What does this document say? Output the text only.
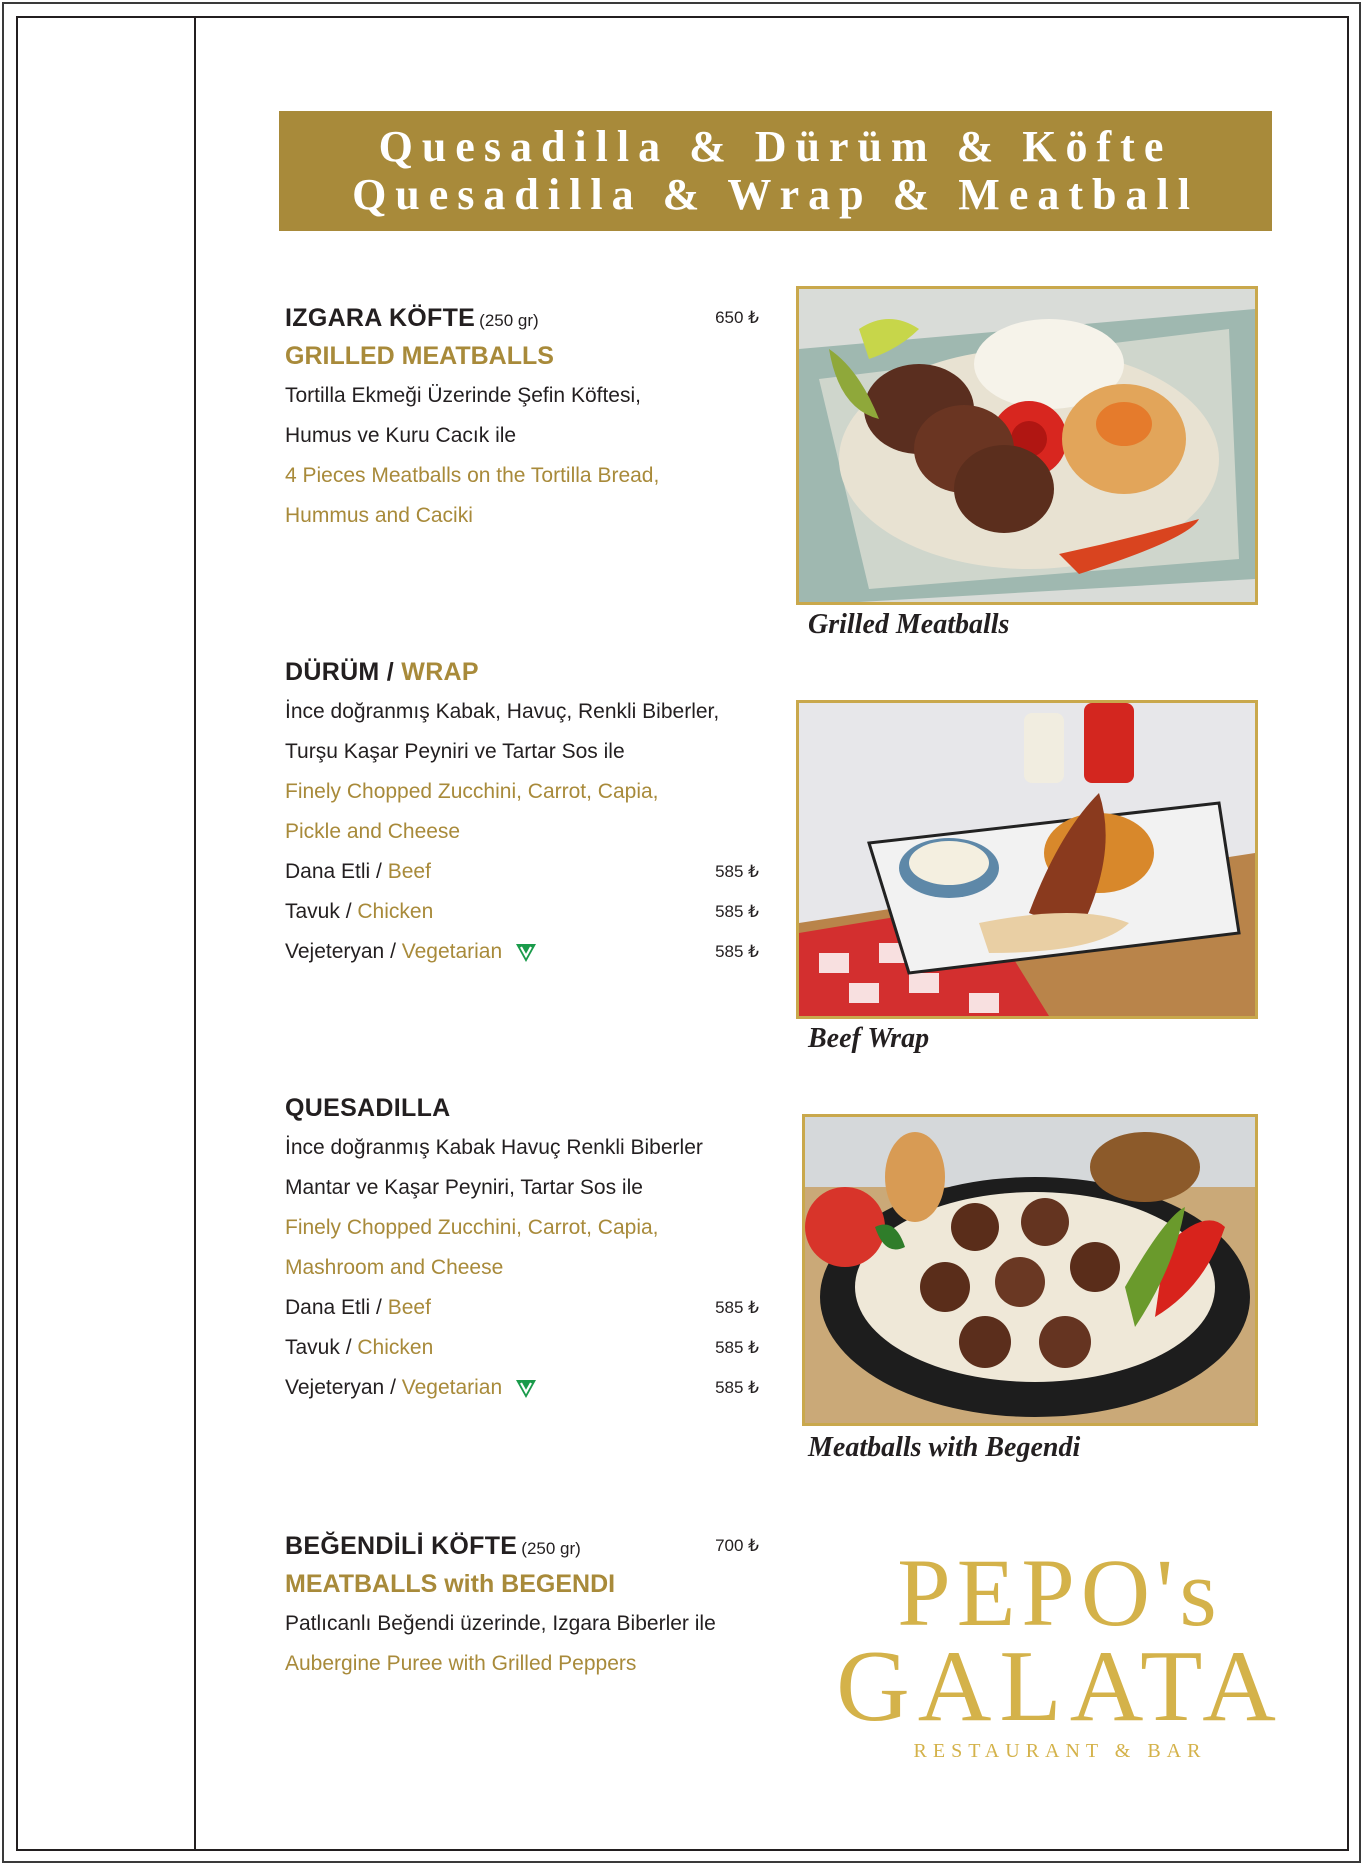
Quesadilla & Dürüm & Köfte
Quesadilla & Wrap & Meatball
IZGARA KÖFTE (250 gr)	650 ₺
GRILLED MEATBALLS
Tortilla Ekmeği Üzerinde Şefin Köftesi,
Humus ve Kuru Cacık ile
4 Pieces Meatballs on the Tortilla Bread,
Hummus and Caciki
DÜRÜM / WRAP
İnce doğranmış Kabak, Havuç, Renkli Biberler,
Turşu Kaşar Peyniri ve Tartar Sos ile
Finely Chopped Zucchini, Carrot, Capia,
Pickle and Cheese
Dana Etli / Beef	585 ₺
Tavuk / Chicken	585 ₺
Vejeteryan / Vegetarian	585 ₺
QUESADILLA
İnce doğranmış Kabak Havuç Renkli Biberler
Mantar ve Kaşar Peyniri, Tartar Sos ile
Finely Chopped Zucchini, Carrot, Capia,
Mashroom and Cheese
Dana Etli / Beef	585 ₺
Tavuk / Chicken	585 ₺
Vejeteryan / Vegetarian	585 ₺
BEĞENDİLİ KÖFTE (250 gr)	700 ₺
MEATBALLS with BEGENDI
Patlıcanlı Beğendi üzerinde, Izgara Biberler ile
Aubergine Puree with Grilled Peppers
Grilled Meatballs
Beef Wrap
Meatballs with Begendi
PEPO's
GALATA
RESTAURANT & BAR
